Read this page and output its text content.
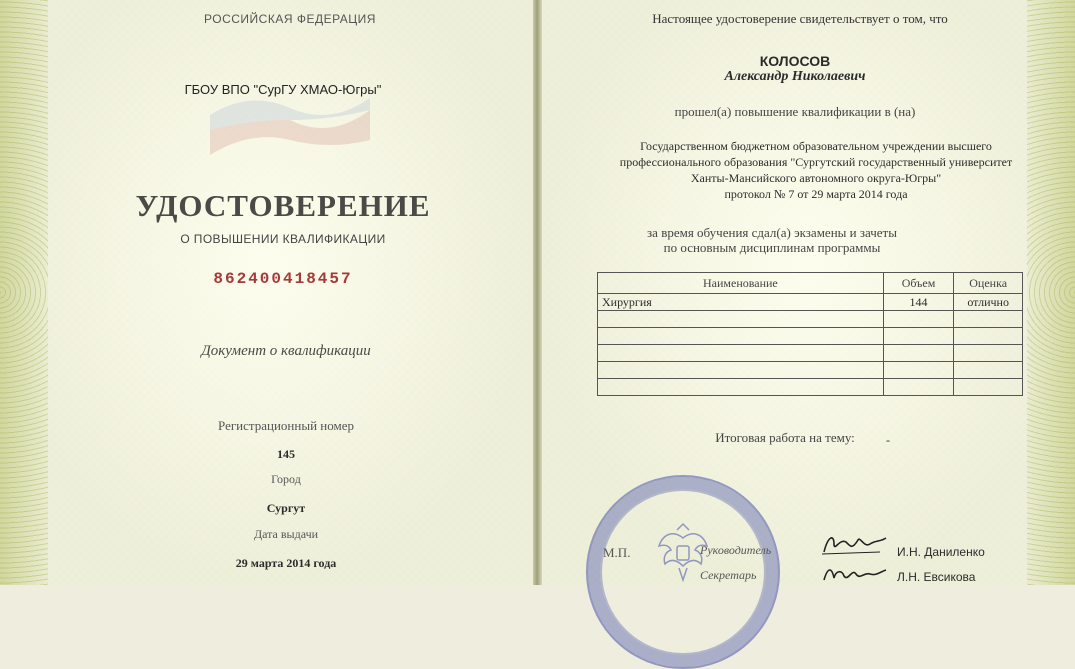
РОССИЙСКАЯ ФЕДЕРАЦИЯ
ГБОУ ВПО "СурГУ ХМАО-Югры"
УДОСТОВЕРЕНИЕ
О ПОВЫШЕНИИ КВАЛИФИКАЦИИ
862400418457
Документ о квалификации
Регистрационный номер
145
Город
Сургут
Дата выдачи
29 марта 2014 года
Настоящее удостоверение свидетельствует о том, что
КОЛОСОВ
Александр Николаевич
прошел(а) повышение квалификации в (на)
Государственном бюджетном образовательном учреждении высшего
профессионального образования "Сургутский государственный университет
Ханты-Мансийского автономного округа-Югры"
протокол № 7 от 29 марта 2014 года
за время обучения сдал(а) экзамены и зачеты
по основным дисциплинам программы
Наименование	Объем	Оценка
Хирургия	144	отлично

Итоговая работа на тему:	-
М.П.	Руководитель
Секретарь
И.Н. Даниленко
Л.Н. Евсикова
